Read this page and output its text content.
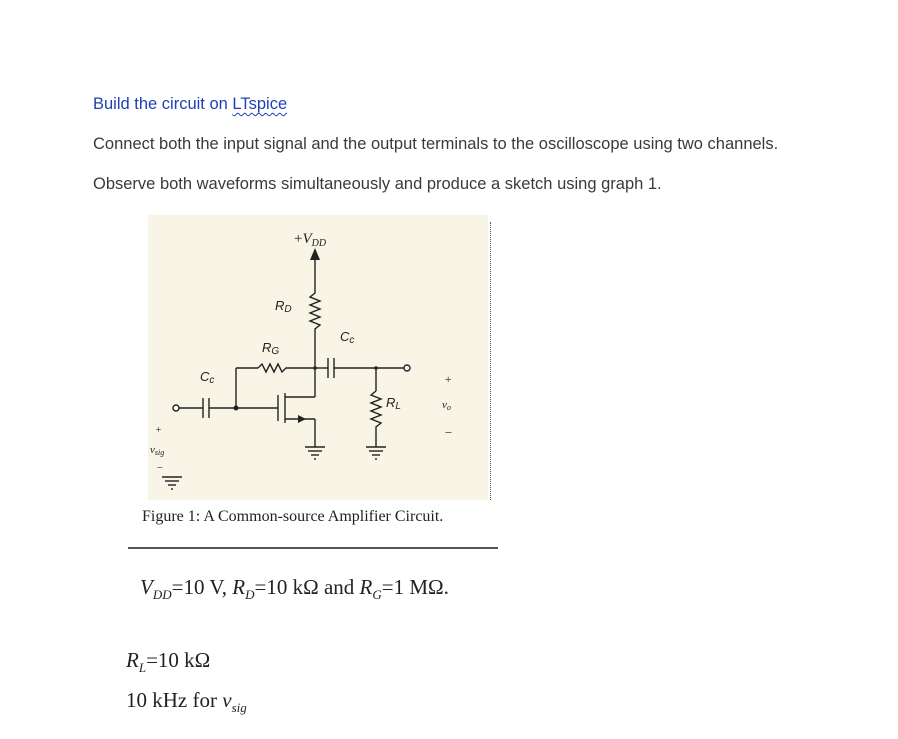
Build the circuit on LTspice
Connect both the input signal and the output terminals to the oscilloscope using two channels.
Observe both waveforms simultaneously and produce a sketch using graph 1.
$+V_{DD}$
RD
RG
Cc
Cc
RL
+
vo
−
+
vsig
−
Figure 1: A Common-source Amplifier Circuit.
$V_{DD}=10$ V, $R_D=10$ kΩ and $R_G=1$ MΩ.
$R_L=10$ kΩ
10 kHz for $v_{sig}$
